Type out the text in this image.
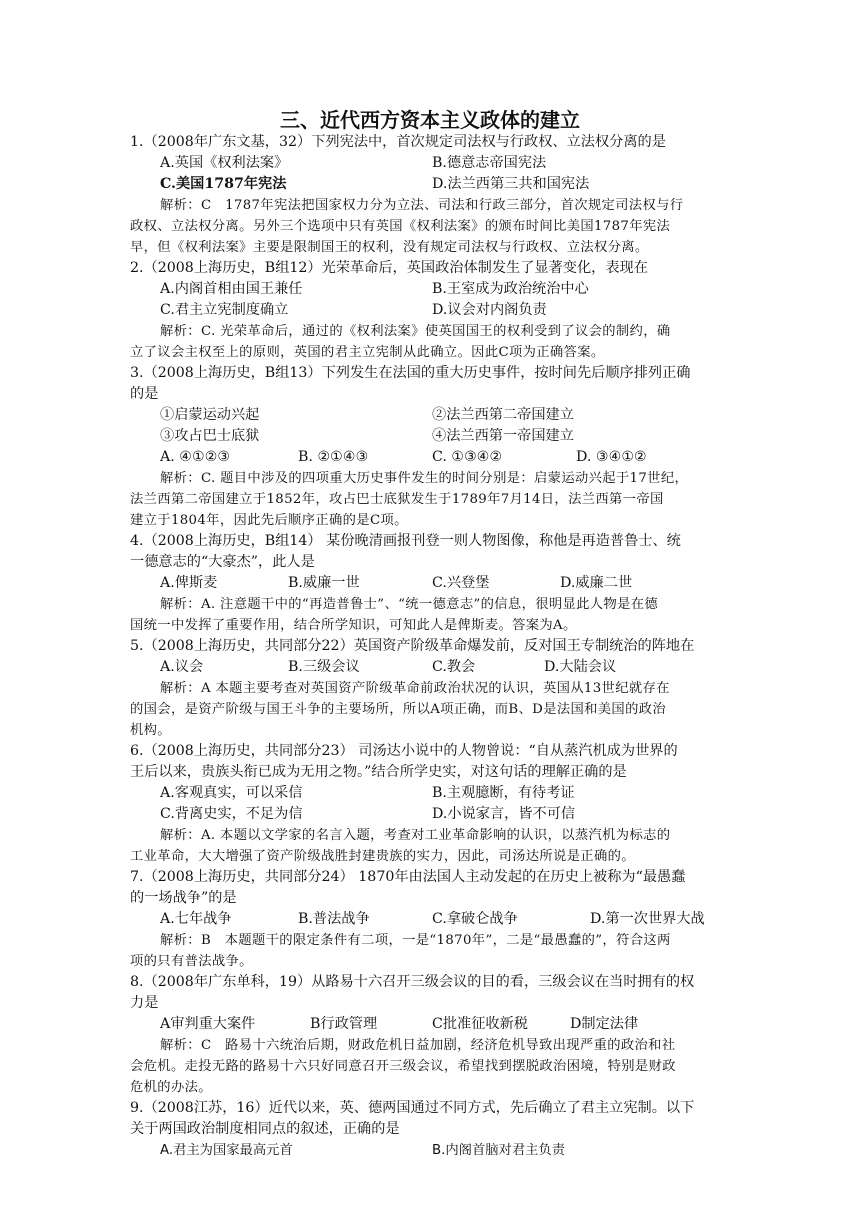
三、近代西方资本主义政体的建立
1.（2008年广东文基，32）下列宪法中，首次规定司法权与行政权、立法权分离的是
A.英国《权利法案》	B.德意志帝国宪法
C.美国1787年宪法	D.法兰西第三共和国宪法
解析：C　1787年宪法把国家权力分为立法、司法和行政三部分，首次规定司法权与行
政权、立法权分离。另外三个选项中只有英国《权利法案》的颁布时间比美国1787年宪法
早，但《权利法案》主要是限制国王的权利，没有规定司法权与行政权、立法权分离。
2.（2008上海历史，B组12）光荣革命后，英国政治体制发生了显著变化，表现在
A.内阁首相由国王兼任	B.王室成为政治统治中心
C.君主立宪制度确立	D.议会对内阁负责
解析：C. 光荣革命后，通过的《权利法案》使英国国王的权利受到了议会的制约，确
立了议会主权至上的原则，英国的君主立宪制从此确立。因此C项为正确答案。
3.（2008上海历史，B组13）下列发生在法国的重大历史事件，按时间先后顺序排列正确
的是
①启蒙运动兴起	②法兰西第二帝国建立
③攻占巴士底狱	④法兰西第一帝国建立
A. ④①②③	B. ②①④③	C. ①③④②	D. ③④①②
解析：C. 题目中涉及的四项重大历史事件发生的时间分别是：启蒙运动兴起于17世纪，
法兰西第二帝国建立于1852年，攻占巴士底狱发生于1789年7月14日，法兰西第一帝国
建立于1804年，因此先后顺序正确的是C项。
4.（2008上海历史，B组14） 某份晚清画报刊登一则人物图像，称他是再造普鲁士、统
一德意志的“大豪杰”，此人是
A.俾斯麦	B.威廉一世	C.兴登堡	D.威廉二世
解析：A. 注意题干中的“再造普鲁士”、“统一德意志”的信息，很明显此人物是在德
国统一中发挥了重要作用，结合所学知识，可知此人是俾斯麦。答案为A。
5.（2008上海历史，共同部分22）英国资产阶级革命爆发前，反对国王专制统治的阵地在
A.议会	B.三级会议	C.教会	D.大陆会议
解析：A 本题主要考查对英国资产阶级革命前政治状况的认识，英国从13世纪就存在
的国会，是资产阶级与国王斗争的主要场所，所以A项正确，而B、D是法国和美国的政治
机构。
6.（2008上海历史，共同部分23） 司汤达小说中的人物曾说：“自从蒸汽机成为世界的
王后以来，贵族头衔已成为无用之物。”结合所学史实，对这句话的理解正确的是
A.客观真实，可以采信	B.主观臆断，有待考证
C.背离史实，不足为信	D.小说家言，皆不可信
解析：A. 本题以文学家的名言入题，考查对工业革命影响的认识，以蒸汽机为标志的
工业革命，大大增强了资产阶级战胜封建贵族的实力，因此，司汤达所说是正确的。
7.（2008上海历史，共同部分24） 1870年由法国人主动发起的在历史上被称为“最愚蠢
的一场战争”的是
A.七年战争	B.普法战争	C.拿破仑战争	D.第一次世界大战
解析：B　本题题干的限定条件有二项，一是“1870年”，二是“最愚蠢的”，符合这两
项的只有普法战争。
8.（2008年广东单科，19）从路易十六召开三级会议的目的看，三级会议在当时拥有的权
力是
A审判重大案件	B行政管理	C批准征收新税	D制定法律
解析：C　路易十六统治后期，财政危机日益加剧，经济危机导致出现严重的政治和社
会危机。走投无路的路易十六只好同意召开三级会议，希望找到摆脱政治困境，特别是财政
危机的办法。
9.（2008江苏，16）近代以来，英、德两国通过不同方式，先后确立了君主立宪制。以下
关于两国政治制度相同点的叙述，正确的是
A.君主为国家最高元首	B.内阁首脑对君主负责
